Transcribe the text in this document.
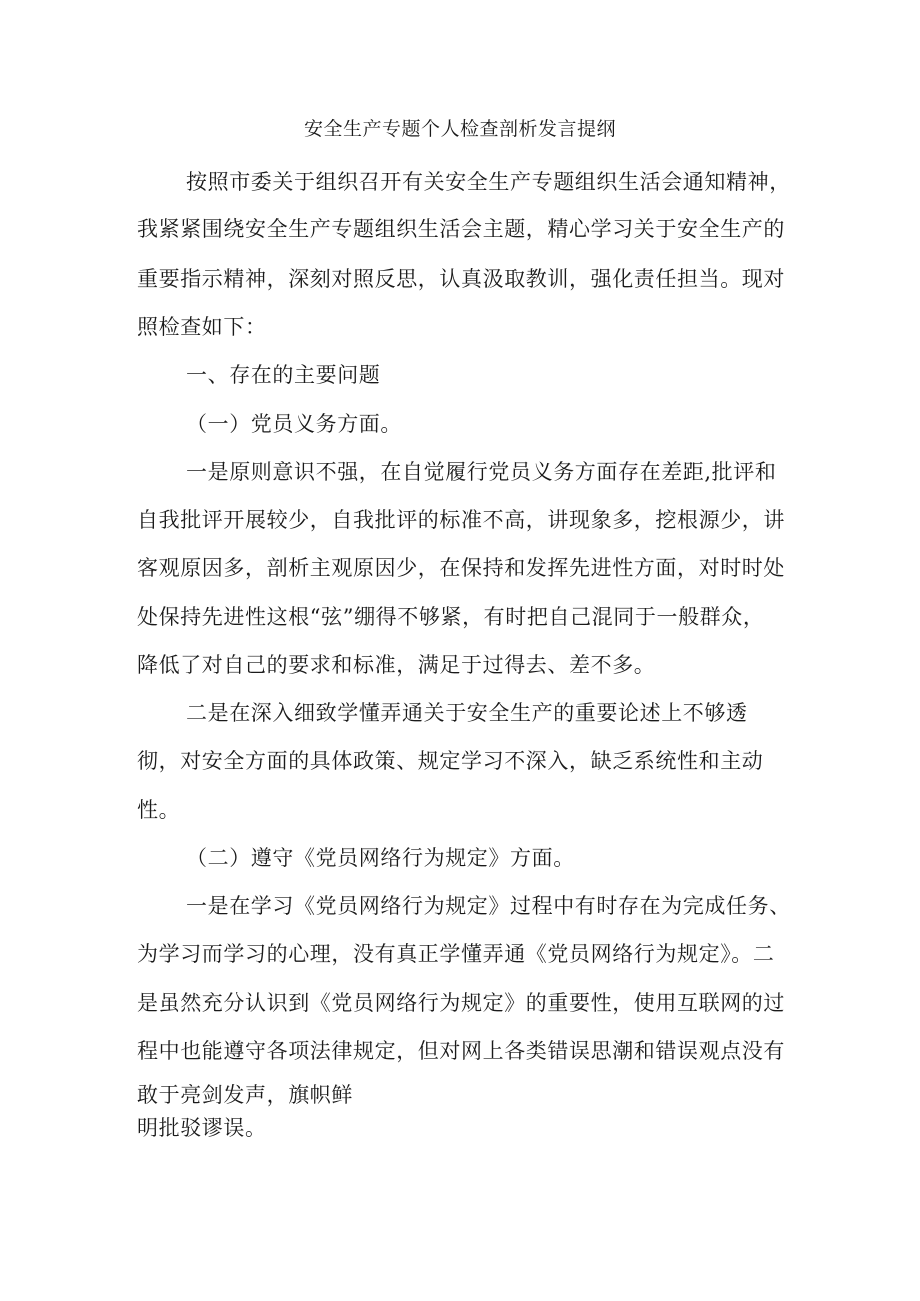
安全生产专题个人检查剖析发言提纲
按照市委关于组织召开有关安全生产专题组织生活会通知精神，
我紧紧围绕安全生产专题组织生活会主题，精心学习关于安全生产的
重要指示精神，深刻对照反思，认真汲取教训，强化责任担当。现对
照检查如下：
一、存在的主要问题
（一）党员义务方面。
一是原则意识不强，在自觉履行党员义务方面存在差距,批评和
自我批评开展较少，自我批评的标准不高，讲现象多，挖根源少，讲
客观原因多，剖析主观原因少，在保持和发挥先进性方面，对时时处
处保持先进性这根“弦”绷得不够紧，有时把自己混同于一般群众，
降低了对自己的要求和标准，满足于过得去、差不多。
二是在深入细致学懂弄通关于安全生产的重要论述上不够透
彻，对安全方面的具体政策、规定学习不深入，缺乏系统性和主动
性。
（二）遵守《党员网络行为规定》方面。
一是在学习《党员网络行为规定》过程中有时存在为完成任务、
为学习而学习的心理，没有真正学懂弄通《党员网络行为规定》。二
是虽然充分认识到《党员网络行为规定》的重要性，使用互联网的过
程中也能遵守各项法律规定，但对网上各类错误思潮和错误观点没有
敢于亮剑发声，旗帜鲜
明批驳谬误。
